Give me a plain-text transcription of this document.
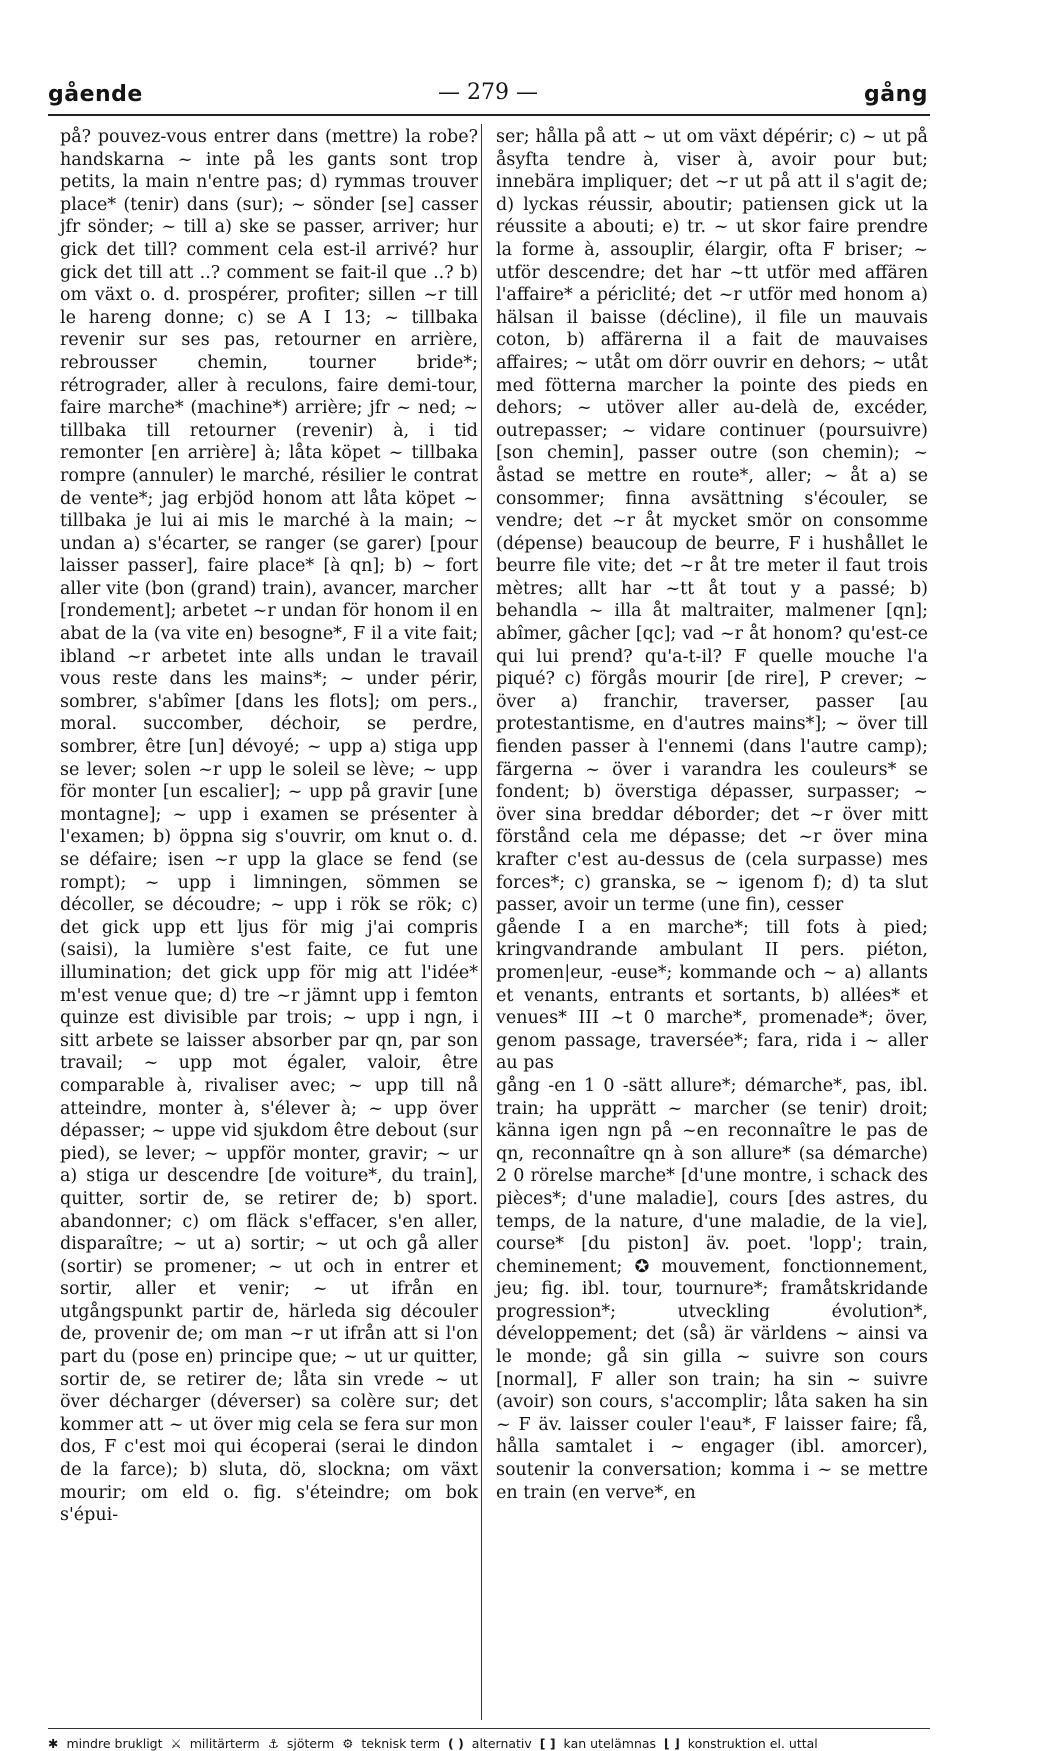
gående	— 279 —	gång

på? pouvez-vous entrer dans (mettre) la robe? handskarna ~ inte på les gants sont trop petits, la main n'entre pas; d) rymmas trouver place* (tenir) dans (sur); ~ sönder [se] casser jfr sönder; ~ till a) ske se passer, arriver; hur gick det till? comment cela est-il arrivé? hur gick det till att ..? comment se fait-il que ..? b) om växt o. d. prospérer, profiter; sillen ~r till le hareng donne; c) se A I 13; ~ tillbaka revenir sur ses pas, retourner en arrière, rebrousser chemin, tourner bride*; rétrograder, aller à reculons, faire demi-tour, faire marche* (machine*) arrière; jfr ~ ned; ~ tillbaka till retourner (revenir) à, i tid remonter [en arrière] à; låta köpet ~ tillbaka rompre (annuler) le marché, résilier le contrat de vente*; jag erbjöd honom att låta köpet ~ tillbaka je lui ai mis le marché à la main; ~ undan a) s'écarter, se ranger (se garer) [pour laisser passer], faire place* [à qn]; b) ~ fort aller vite (bon (grand) train), avancer, marcher [rondement]; arbetet ~r undan för honom il en abat de la (va vite en) besogne*, F il a vite fait; ibland ~r arbetet inte alls undan le travail vous reste dans les mains*; ~ under périr, sombrer, s'abîmer [dans les flots]; om pers., moral. succomber, déchoir, se perdre, sombrer, être [un] dévoyé; ~ upp a) stiga upp se lever; solen ~r upp le soleil se lève; ~ upp för monter [un escalier]; ~ upp på gravir [une montagne]; ~ upp i examen se présenter à l'examen; b) öppna sig s'ouvrir, om knut o. d. se défaire; isen ~r upp la glace se fend (se rompt); ~ upp i limningen, sömmen se décoller, se découdre; ~ upp i rök se rök; c) det gick upp ett ljus för mig j'ai compris (saisi), la lumière s'est faite, ce fut une illumination; det gick upp för mig att l'idée* m'est venue que; d) tre ~r jämnt upp i femton quinze est divisible par trois; ~ upp i ngn, i sitt arbete se laisser absorber par qn, par son travail; ~ upp mot égaler, valoir, être comparable à, rivaliser avec; ~ upp till nå atteindre, monter à, s'élever à; ~ upp över dépasser; ~ uppe vid sjukdom être debout (sur pied), se lever; ~ uppför monter, gravir; ~ ur a) stiga ur descendre [de voiture*, du train], quitter, sortir de, se retirer de; b) sport. abandonner; c) om fläck s'effacer, s'en aller, disparaître; ~ ut a) sortir; ~ ut och gå aller (sortir) se promener; ~ ut och in entrer et sortir, aller et venir; ~ ut ifrån en utgångspunkt partir de, härleda sig découler de, provenir de; om man ~r ut ifrån att si l'on part du (pose en) principe que; ~ ut ur quitter, sortir de, se retirer de; låta sin vrede ~ ut över décharger (déverser) sa colère sur; det kommer att ~ ut över mig cela se fera sur mon dos, F c'est moi qui écoperai (serai le dindon de la farce); b) sluta, dö, slockna; om växt mourir; om eld o. fig. s'éteindre; om bok s'épui-

ser; hålla på att ~ ut om växt dépérir; c) ~ ut på åsyfta tendre à, viser à, avoir pour but; innebära impliquer; det ~r ut på att il s'agit de; d) lyckas réussir, aboutir; patiensen gick ut la réussite a abouti; e) tr. ~ ut skor faire prendre la forme à, assouplir, élargir, ofta F briser; ~ utför descendre; det har ~tt utför med affären l'affaire* a périclité; det ~r utför med honom a) hälsan il baisse (décline), il file un mauvais coton, b) affärerna il a fait de mauvaises affaires; ~ utåt om dörr ouvrir en dehors; ~ utåt med fötterna marcher la pointe des pieds en dehors; ~ utöver aller au-delà de, excéder, outrepasser; ~ vidare continuer (poursuivre) [son chemin], passer outre (son chemin); ~ åstad se mettre en route*, aller; ~ åt a) se consommer; finna avsättning s'écouler, se vendre; det ~r åt mycket smör on consomme (dépense) beaucoup de beurre, F i hushållet le beurre file vite; det ~r åt tre meter il faut trois mètres; allt har ~tt åt tout y a passé; b) behandla ~ illa åt maltraiter, malmener [qn]; abîmer, gâcher [qc]; vad ~r åt honom? qu'est-ce qui lui prend? qu'a-t-il? F quelle mouche l'a piqué? c) förgås mourir [de rire], P crever; ~ över a) franchir, traverser, passer [au protestantisme, en d'autres mains*]; ~ över till fienden passer à l'ennemi (dans l'autre camp); färgerna ~ över i varandra les couleurs* se fondent; b) överstiga dépasser, surpasser; ~ över sina breddar déborder; det ~r över mitt förstånd cela me dépasse; det ~r över mina krafter c'est au-dessus de (cela surpasse) mes forces*; c) granska, se ~ igenom f); d) ta slut passer, avoir un terme (une fin), cesser

gående I a en marche*; till fots à pied; kringvandrande ambulant II pers. piéton, promen|eur, -euse*; kommande och ~ a) allants et venants, entrants et sortants, b) allées* et venues* III ~t 0 marche*, promenade*; över, genom passage, traversée*; fara, rida i ~ aller au pas

gång -en 1 0 -sätt allure*; démarche*, pas, ibl. train; ha upprätt ~ marcher (se tenir) droit; känna igen ngn på ~en reconnaître le pas de qn, reconnaître qn à son allure* (sa démarche) 2 0 rörelse marche* [d'une montre, i schack des pièces*; d'une maladie], cours [des astres, du temps, de la nature, d'une maladie, de la vie], course* [du piston] äv. poet. 'lopp'; train, cheminement; ✪ mouvement, fonctionnement, jeu; fig. ibl. tour, tournure*; framåtskridande progression*; utveckling évolution*, développement; det (så) är världens ~ ainsi va le monde; gå sin gilla ~ suivre son cours [normal], F aller son train; ha sin ~ suivre (avoir) son cours, s'accomplir; låta saken ha sin ~ F äv. laisser couler l'eau*, F laisser faire; få, hålla samtalet i ~ engager (ibl. amorcer), soutenir la conversation; komma i ~ se mettre en train (en verve*, en

✱ mindre brukligt ⚔ militärterm ⚓ sjöterm ⚙ teknisk term ( ) alternativ [ ] kan utelämnas ⌊ ⌋ konstruktion el. uttal
